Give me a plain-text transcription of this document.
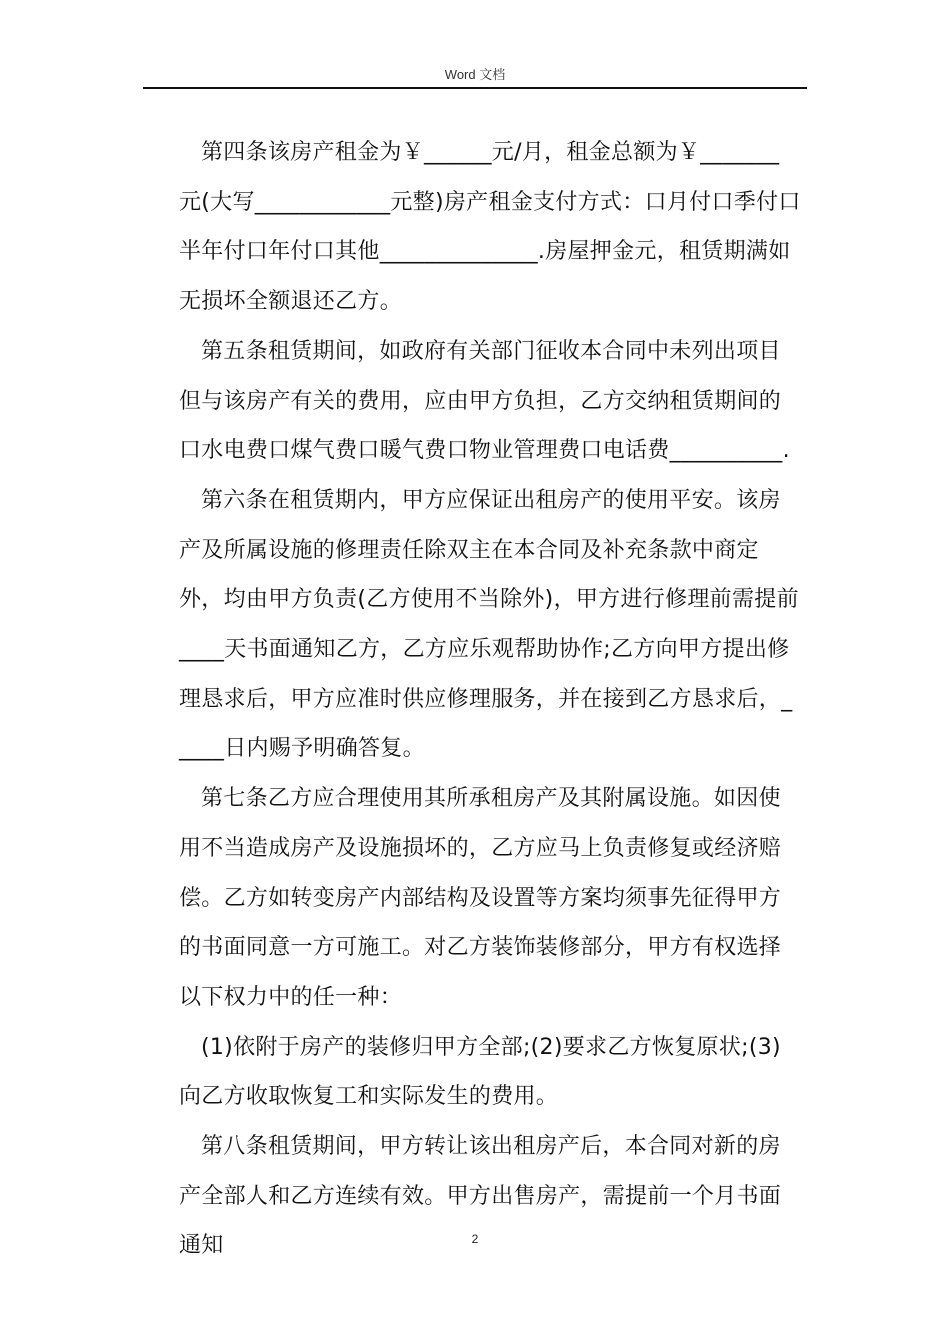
Word 文档

第四条该房产租金为￥______元/月，租金总额为￥_______元(大写____________元整)房产租金支付方式：口月付口季付口半年付口年付口其他______________.房屋押金元，租赁期满如无损坏全额退还乙方。

第五条租赁期间，如政府有关部门征收本合同中未列出项目但与该房产有关的费用，应由甲方负担，乙方交纳租赁期间的口水电费口煤气费口暖气费口物业管理费口电话费__________.

第六条在租赁期内，甲方应保证出租房产的使用平安。该房产及所属设施的修理责任除双主在本合同及补充条款中商定外，均由甲方负责(乙方使用不当除外)，甲方进行修理前需提前____天书面通知乙方，乙方应乐观帮助协作;乙方向甲方提出修理恳求后，甲方应准时供应修理服务，并在接到乙方恳求后，_____日内赐予明确答复。

第七条乙方应合理使用其所承租房产及其附属设施。如因使用不当造成房产及设施损坏的，乙方应马上负责修复或经济赔偿。乙方如转变房产内部结构及设置等方案均须事先征得甲方的书面同意一方可施工。对乙方装饰装修部分，甲方有权选择以下权力中的任一种：

(1)依附于房产的装修归甲方全部;(2)要求乙方恢复原状;(3)向乙方收取恢复工和实际发生的费用。

第八条租赁期间，甲方转让该出租房产后，本合同对新的房产全部人和乙方连续有效。甲方出售房产，需提前一个月书面通知	2
